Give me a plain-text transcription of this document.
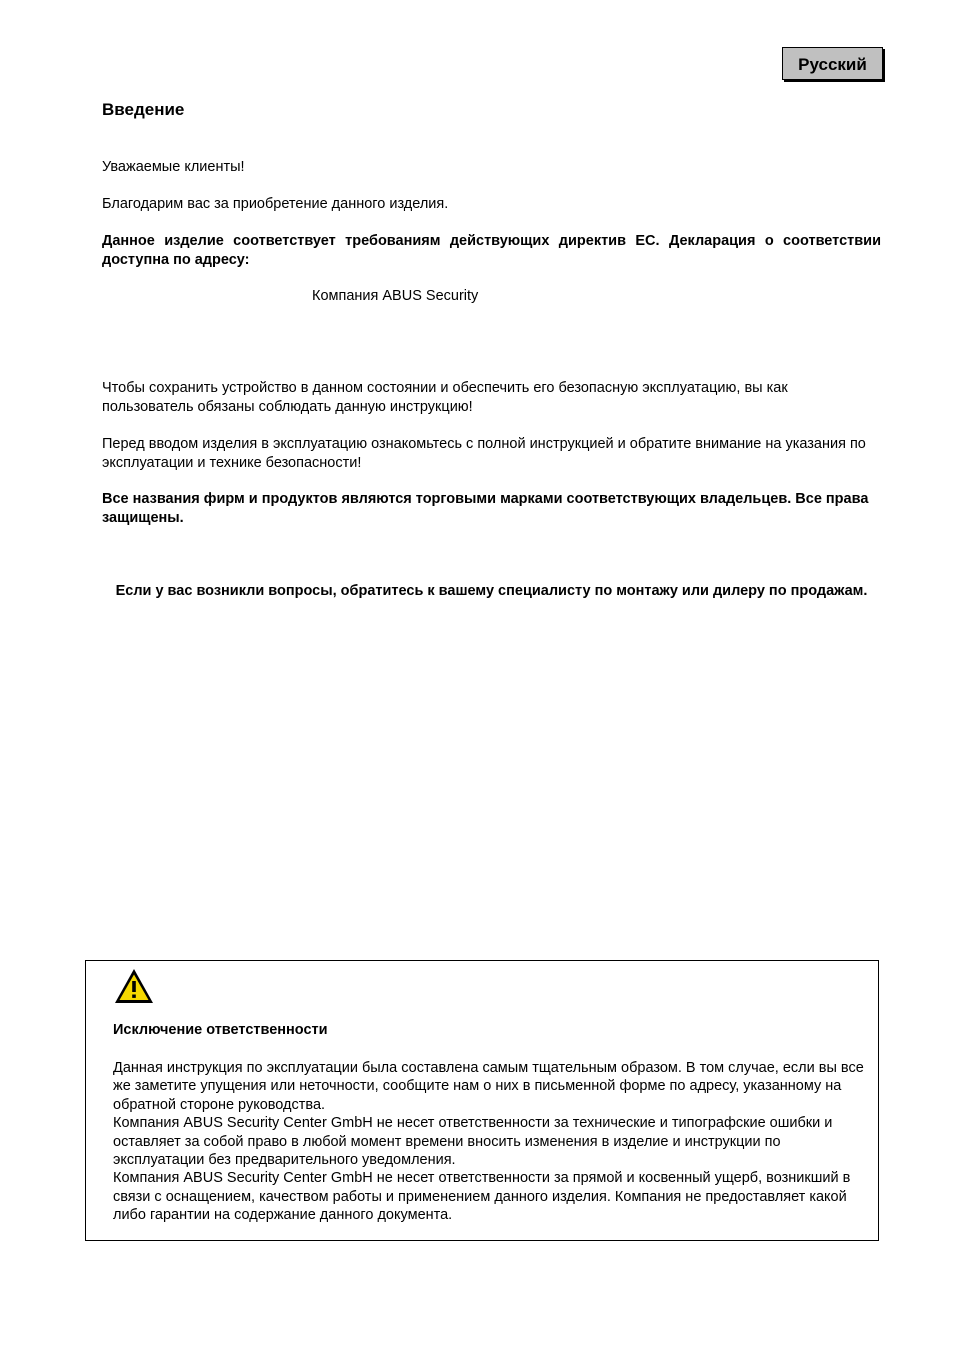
Русский
Введение

Уважаемые клиенты!

Благодарим вас за приобретение данного изделия.

Данное изделие соответствует требованиям действующих директив ЕС. Декларация о соответствии доступна по адресу:

Компания ABUS Security

Чтобы сохранить устройство в данном состоянии и обеспечить его безопасную эксплуатацию, вы как пользователь обязаны соблюдать данную инструкцию!

Перед вводом изделия в эксплуатацию ознакомьтесь с полной инструкцией и обратите внимание на указания по эксплуатации и технике безопасности!

Все названия фирм и продуктов являются торговыми марками соответствующих владельцев. Все права защищены.

Если у вас возникли вопросы, обратитесь к вашему специалисту по монтажу или дилеру по продажам.

Исключение ответственности
Данная инструкция по эксплуатации была составлена самым тщательным образом. В том случае, если вы все же заметите упущения или неточности, сообщите нам о них в письменной форме по адресу, указанному на обратной стороне руководства.
Компания ABUS Security Center GmbH не несет ответственности за технические и типографские ошибки и оставляет за собой право в любой момент времени вносить изменения в изделие и инструкции по эксплуатации без предварительного уведомления.
Компания ABUS Security Center GmbH не несет ответственности за прямой и косвенный ущерб, возникший в связи с оснащением, качеством работы и применением данного изделия. Компания не предоставляет какой либо гарантии на содержание данного документа.
